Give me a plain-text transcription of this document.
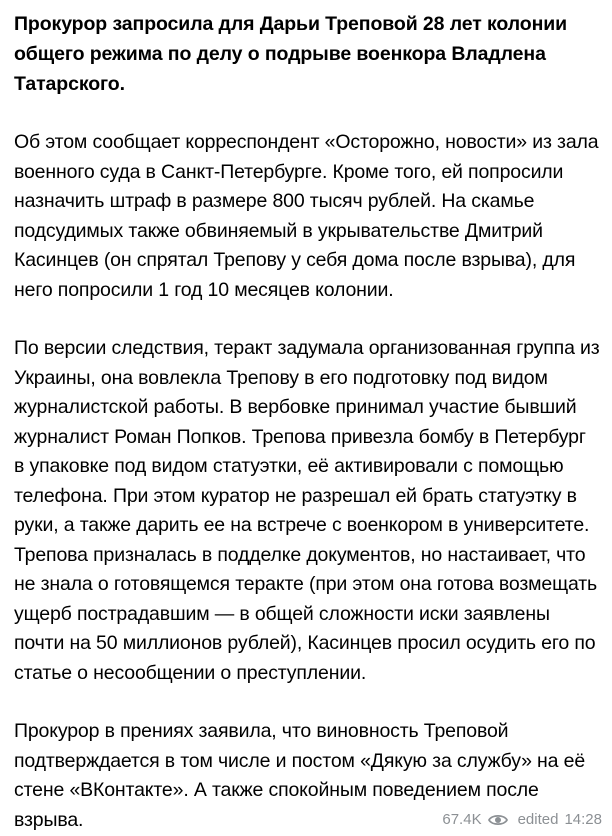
Прокурор запросила для Дарьи Треповой 28 лет колонии общего режима по делу о подрыве военкора Владлена Татарского.

Об этом сообщает корреспондент «Осторожно, новости» из зала военного суда в Санкт-Петербурге. Кроме того, ей попросили назначить штраф в размере 800 тысяч рублей. На скамье подсудимых также обвиняемый в укрывательстве Дмитрий Касинцев (он спрятал Трепову у себя дома после взрыва), для него попросили 1 год 10 месяцев колонии.

По версии следствия, теракт задумала организованная группа из Украины, она вовлекла Трепову в его подготовку под видом журналистской работы. В вербовке принимал участие бывший журналист Роман Попков. Трепова привезла бомбу в Петербург в упаковке под видом статуэтки, её активировали с помощью телефона. При этом куратор не разрешал ей брать статуэтку в руки, а также дарить ее на встрече с военкором в университете. Трепова призналась в подделке документов, но настаивает, что не знала о готовящемся теракте (при этом она готова возмещать ущерб пострадавшим — в общей сложности иски заявлены почти на 50 миллионов рублей), Касинцев просил осудить его по статье о несообщении о преступлении.

Прокурор в прениях заявила, что виновность Треповой подтверждается в том числе и постом «Дякую за службу» на её стене «ВКонтакте». А также спокойным поведением после взрыва.	67.4K edited 14:28
